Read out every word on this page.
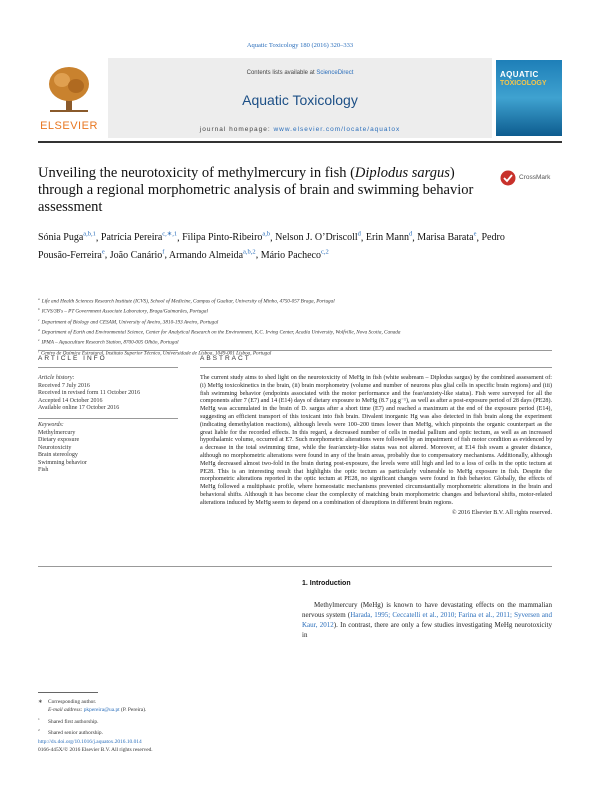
Aquatic Toxicology 180 (2016) 320–333
ELSEVIER
Contents lists available at ScienceDirect
Aquatic Toxicology
journal homepage: www.elsevier.com/locate/aquatox
AQUATIC
TOXICOLOGY
Unveiling the neurotoxicity of methylmercury in fish (Diplodus sargus) through a regional morphometric analysis of brain and swimming behavior assessment
CrossMark
Sónia Puga$^{a,b,1}$, Patrícia Pereira$^{c,∗,1}$, Filipa Pinto-Ribeiro$^{a,b}$, Nelson J. O’Driscoll$^d$, Erin Mann$^d$, Marisa Barata$^e$, Pedro Pousão-Ferreira$^e$, João Canário$^f$, Armando Almeida$^{a,b,2}$, Mário Pacheco$^{c,2}$
$^a$ Life and Health Sciences Research Institute (ICVS), School of Medicine, Campus of Gualtar, University of Minho, 4750-057 Braga, Portugal
$^b$ ICVS/3B's – PT Government Associate Laboratory, Braga/Guimarães, Portugal
$^c$ Department of Biology and CESAM, University of Aveiro, 3810-193 Aveiro, Portugal
$^d$ Department of Earth and Environmental Science, Center for Analytical Research on the Environment, K.C. Irving Center, Acadia University, Wolfville, Nova Scotia, Canada
$^e$ IPMA – Aquaculture Research Station, 8700-005 Olhão, Portugal
Centro de Química Estrutural, Instituto Superior Técnico, Universidade de Lisboa, 1049-001 Lisboa, Portugal
ARTICLE INFO	ABSTRACT
Article history:
Received 7 July 2016
Received in revised form 11 October 2016
Accepted 14 October 2016
Available online 17 October 2016
Keywords:
Methylmercury
Dietary exposure
Neurotoxicity
Brain stereology
Swimming behavior
Fish
The current study aims to shed light on the neurotoxicity of MeHg in fish (white seabream – Diplodus sargus) by the combined assessment of: (i) MeHg toxicokinetics in the brain, (ii) brain morphometry (volume and number of neurons plus glial cells in specific brain regions) and (iii) fish swimming behavior (endpoints associated with the motor performance and the fear/anxiety-like status). Fish were surveyed for all the components after 7 (E7) and 14 (E14) days of dietary exposure to MeHg (8.7 μg g⁻¹), as well as after a post-exposure period of 28 days (PE28). MeHg was accumulated in the brain of D. sargus after a short time (E7) and reached a maximum at the end of the exposure period (E14), suggesting an efficient transport of this toxicant into fish brain. Divalent inorganic Hg was also detected in fish brain along the experiment (indicating demethylation reactions), although levels were 100–200 times lower than MeHg, which pinpoints the organic counterpart as the great liable for the recorded effects. In this regard, a decreased number of cells in medial pallium and optic tectum, as well as an increased hypothalamic volume, occurred at E7. Such morphometric alterations were followed by an impairment of fish motor condition as evidenced by a decrease in the total swimming time, while the fear/anxiety-like status was not altered. Moreover, at E14 fish swam a greater distance, although no morphometric alterations were found in any of the brain areas, probably due to compensatory mechanisms. Additionally, although MeHg decreased almost two-fold in the brain during post-exposure, the levels were still high and led to a loss of cells in the optic tectum at PE28. This is an interesting result that highlights the optic tectum as particularly vulnerable to MeHg exposure in fish. Despite the morphometric alterations reported in the optic tectum at PE28, no significant changes were found in fish behavior. Globally, the effects of MeHg followed a multiphasic profile, where homeostatic mechanisms prevented circumstantially morphometric alterations in the brain and behavioral shifts. Although it has become clear the complexity of matching brain morphometric changes and behavioral shifts, motor-related alterations induced by MeHg seem to depend on a combination of disruptions in different brain regions.
© 2016 Elsevier B.V. All rights reserved.
1. Introduction
Methylmercury (MeHg) is known to have devastating effects on the mammalian nervous system (Harada, 1995; Ceccatelli et al., 2010; Farina et al., 2011; Syversen and Kaur, 2012). In contrast, there are only a few studies investigating MeHg neurotoxicity in
∗ Corresponding author.
E-mail address: pkpereira@ua.pt (P. Pereira).
$^1$ Shared first authorship.
$^2$ Shared senior authorship.
http://dx.doi.org/10.1016/j.aquatox.2016.10.014
0166-445X/© 2016 Elsevier B.V. All rights reserved.
